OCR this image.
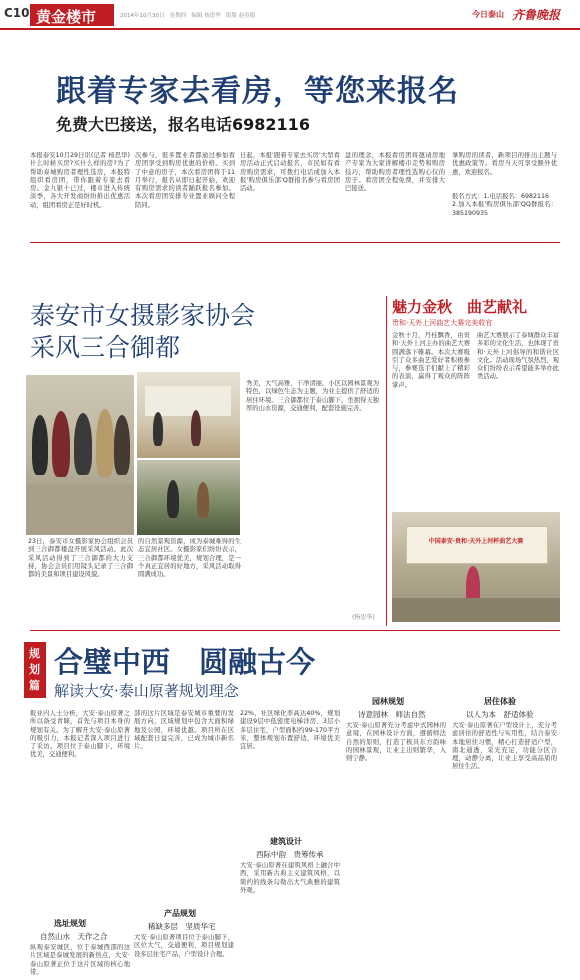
C10 黄金楼市	2014年10月30日 星期四 编辑 杨思华 组版 赵春娟	今日泰山 齐鲁晚报
跟着专家去看房，等您来报名
免费大巴接送，报名电话6982116
本报泰安10月29日讯(记者 杨思华) 什么时候买房?买什么样的房?为了帮助泰城购房者理性选房，本报特组织看房团，带你跟着专家去看房。金九银十已过，楼市进入传统淡季，各大开发商纷纷推出优惠活动，组团看房正是好时机。
次参与，很多置业者都通过参加看房团享受到购房优惠的价格。买到了中意的房子，本次看房团将于11月举行，报名从即日起开始，欢迎有购房需求的读者踊跃报名参加。本次看房团安排专业置业顾问全程陪同。
日起，本报'跟着专家去买房'大型看房活动正式启动报名，市民如有看房购房需求，可拨打电话或加入本报'购房俱乐部'Q群报名参与看房团活动。
盘的理念，本报看房团将邀请房地产专家为大家讲解楼市走势和购房技巧，帮助购房者理性选购心仪的房子。看房团全程免费，并安排大巴接送。
拿购房的读者，新项目的推出主题与优惠政策等。看房当天可享受额外优惠，欢迎报名。
报名方式：1.电话报名：6982116
2.加入本报'购房俱乐部'QQ群报名：385190935
泰安市女摄影家协会
采风三合御都
23日，泰安市女摄影家协会组织会员到三合御都楼盘开展采风活动。此次采风活动得到了三合御都的大力支持，协会会员们用镜头记录了三合御都的美景和项目建设风貌。
的自然景观资源，成为泰城难得的生态宜居社区。女摄影家们纷纷表示，三合御都环境优美，规划合理，是一个真正宜居的好地方，采风活动取得圆满成功。
秀美，大气高雅，干净清丽，小区以园林景观为特色，以绿色生态为主题，为业主提供了舒适的居住环境。三合御都位于泰山脚下，坐拥得天独厚的山水资源，交通便利，配套设施完善。
(杨思华)
魅力金秋　曲艺献礼
贵和·天外上河曲艺大赛完美收官
金秋十月，丹桂飘香，由贵和·天外上河主办的曲艺大赛圆满落下帷幕。本次大赛吸引了众多曲艺爱好者积极参与，参赛选手们献上了精彩的表演，赢得了观众的阵阵掌声。
曲艺大赛展示了泰城群众丰富多彩的文化生活，也体现了贵和·天外上河倡导的和谐社区文化。活动现场气氛热烈，观众们纷纷表示希望能多举办此类活动。
中国泰安·贵和·天外上河杯曲艺大赛
规划篇
合璧中西　圆融古今
解读大安·泰山原著规划理念
报业内人士分析，大安·泰山原著之所以备受青睐，首先与项目本身的规划有关。为了解开大安·泰山原著的吸引力，本报记者深入项目进行了采访。项目位于泰山脚下，环境优美，交通便利。
选址规划
自然山水　天作之合
纵观泰安城区，位于泰城西部的这片区域是泰城发展的新热点，大安·泰山原著正位于这片区域的核心地带。
部的这片区域是泰安城市重要的发展方向，区域规划中包含大面积绿地及公园，环境优越。项目所在区域配套日益完善，已成为城市新名片。
产品规划
稀缺多层　坚质华宅
大安·泰山原著项目位于泰山脚下，区位大气，交通便利，项目规划建设多层住宅产品，户型设计合理。
22%，社区绿化率高达40%，规划建设9层中低密度电梯洋房、3层小多层住宅，户型面积约99-170平方米，整体规划布置舒适，环境优美宜居。
建筑设计
西际中韵　贵筹传承
大安·泰山原著在建筑风格上融合中西，采用新古典主义建筑风格，以简约的线条勾勒出大气典雅的建筑外观。
园林规划
诗意园林　师法自然
大安·泰山原著充分考虑中式园林的意境，在园林设计方面，遵循师法自然的原则，打造了极具东方韵味的园林景观，让业主出则繁华，入则宁静。
居住体验
以人为本　舒适体验
大安·泰山原著在户型设计上，充分考虑居住的舒适性与实用性，结合泰安本地居住习惯，精心打造舒适户型，南北通透，采光充足，功能分区合理，动静分离，让业主享受高品质的居住生活。
